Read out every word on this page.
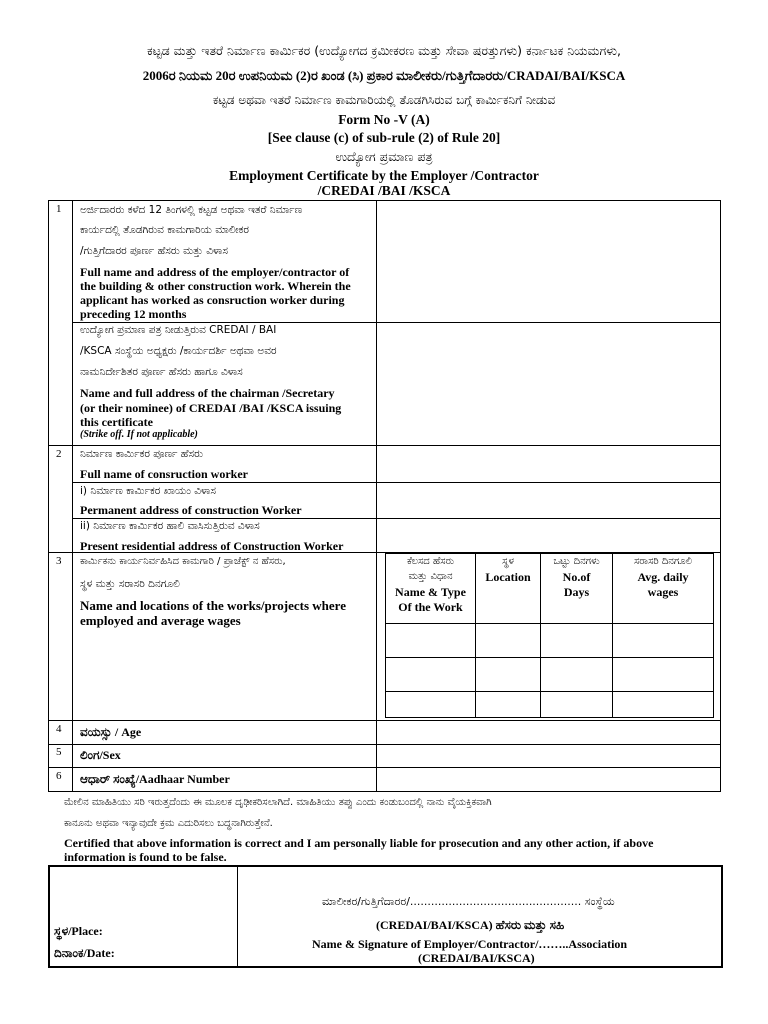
ಕಟ್ಟಡ ಮತ್ತು ಇತರೆ ನಿರ್ಮಾಣ ಕಾರ್ಮಿಕರ (ಉದ್ಯೋಗದ ಕ್ರಮೀಕರಣ ಮತ್ತು ಸೇವಾ ಷರತ್ತುಗಳು) ಕರ್ನಾಟಕ ನಿಯಮಗಳು,
2006ರ ನಿಯಮ 20ರ ಉಪನಿಯಮ (2)ರ ಖಂಡ (ಸಿ) ಪ್ರಕಾರ ಮಾಲೀಕರು/ಗುತ್ತಿಗೆದಾರರು/CRADAI/BAI/KSCA
ಕಟ್ಟಡ ಅಥವಾ ಇತರೆ ನಿರ್ಮಾಣ ಕಾಮಗಾರಿಯಲ್ಲಿ ತೊಡಗಿಸಿರುವ ಬಗ್ಗೆ ಕಾರ್ಮಿಕನಿಗೆ ನೀಡುವ
Form No -V (A)
[See clause (c) of sub-rule (2) of Rule 20]
ಉದ್ಯೋಗ ಪ್ರಮಾಣ ಪತ್ರ
Employment Certificate by the Employer /Contractor
/CREDAI /BAI /KSCA
1 ಅರ್ಜಿದಾರರು ಕಳೆದ 12 ತಿಂಗಳಲ್ಲಿ ಕಟ್ಟಡ ಅಥವಾ ಇತರೆ ನಿರ್ಮಾಣ
ಕಾರ್ಯದಲ್ಲಿ ತೊಡಗಿರುವ ಕಾಮಗಾರಿಯ ಮಾಲೀಕರ
/ಗುತ್ತಿಗೆದಾರರ ಪೂರ್ಣ ಹೆಸರು ಮತ್ತು ವಿಳಾಸ
Full name and address of the employer/contractor of
the building & other construction work. Wherein the
applicant has worked as consruction worker during
preceding 12 months
ಉದ್ಯೋಗ ಪ್ರಮಾಣ ಪತ್ರ ನೀಡುತ್ತಿರುವ CREDAI / BAI
/KSCA ಸಂಸ್ಥೆಯ ಅಧ್ಯಕ್ಷರು /ಕಾರ್ಯದರ್ಶಿ ಅಥವಾ ಅವರ
ನಾಮನಿರ್ದೇಶಿತರ ಪೂರ್ಣ ಹೆಸರು ಹಾಗೂ ವಿಳಾಸ
Name and full address of the chairman /Secretary
(or their nominee) of CREDAI /BAI /KSCA issuing
this certificate
(Strike off. If not applicable)
2 ನಿರ್ಮಾಣ ಕಾರ್ಮಿಕರ ಪೂರ್ಣ ಹೆಸರು
Full name of consruction worker
i) ನಿರ್ಮಾಣ ಕಾರ್ಮಿಕರ ಖಾಯಂ ವಿಳಾಸ
Permanent address of construction Worker
ii) ನಿರ್ಮಾಣ ಕಾರ್ಮಿಕರ ಹಾಲಿ ವಾಸಿಸುತ್ತಿರುವ ವಿಳಾಸ
Present residential address of Construction Worker
3 ಕಾರ್ಮಿಕನು ಕಾರ್ಯನಿರ್ವಹಿಸಿದ ಕಾಮಗಾರಿ / ಪ್ರಾಜೆಕ್ಟ್ ನ ಹೆಸರು,
ಸ್ಥಳ ಮತ್ತು ಸರಾಸರಿ ದಿನಗೂಲಿ
Name and locations of the works/projects where
employed and average wages
ಕೆಲಸದ ಹೆಸರು
ಮತ್ತು ವಿಧಾನ
Name & Type
Of the Work
ಸ್ಥಳ
Location
ಒಟ್ಟು ದಿನಗಳು
No.of
Days
ಸರಾಸರಿ ದಿನಗೂಲಿ
Avg. daily
wages
4 ವಯಸ್ಸು / Age
5 ಲಿಂಗ/Sex
6 ಆಧಾರ್ ಸಂಖ್ಯೆ/Aadhaar Number
ಮೇಲಿನ ಮಾಹಿತಿಯು ಸರಿ ಇರುತ್ತದೆಂದು ಈ ಮೂಲಕ ದೃಢೀಕರಿಸಲಾಗಿದೆ. ಮಾಹಿತಿಯು ತಪ್ಪು ಎಂದು ಕಂಡುಬಂದಲ್ಲಿ ನಾನು ವೈಯಕ್ತಿಕವಾಗಿ
ಕಾನೂನು ಅಥವಾ ಇನ್ಯಾವುದೇ ಕ್ರಮ ಎದುರಿಸಲು ಬದ್ಧನಾಗಿರುತ್ತೇನೆ.
Certified that above information is correct and I am personally liable for prosecution and any other action, if above
information is found to be false.
ಸ್ಥಳ/Place:
ದಿನಾಂಕ/Date:
ಮಾಲೀಕರ/ಗುತ್ತಿಗೆದಾರರ/................................................. ಸಂಸ್ಥೆಯ
(CREDAI/BAI/KSCA) ಹೆಸರು ಮತ್ತು ಸಹಿ
Name & Signature of Employer/Contractor/……..Association
(CREDAI/BAI/KSCA)
